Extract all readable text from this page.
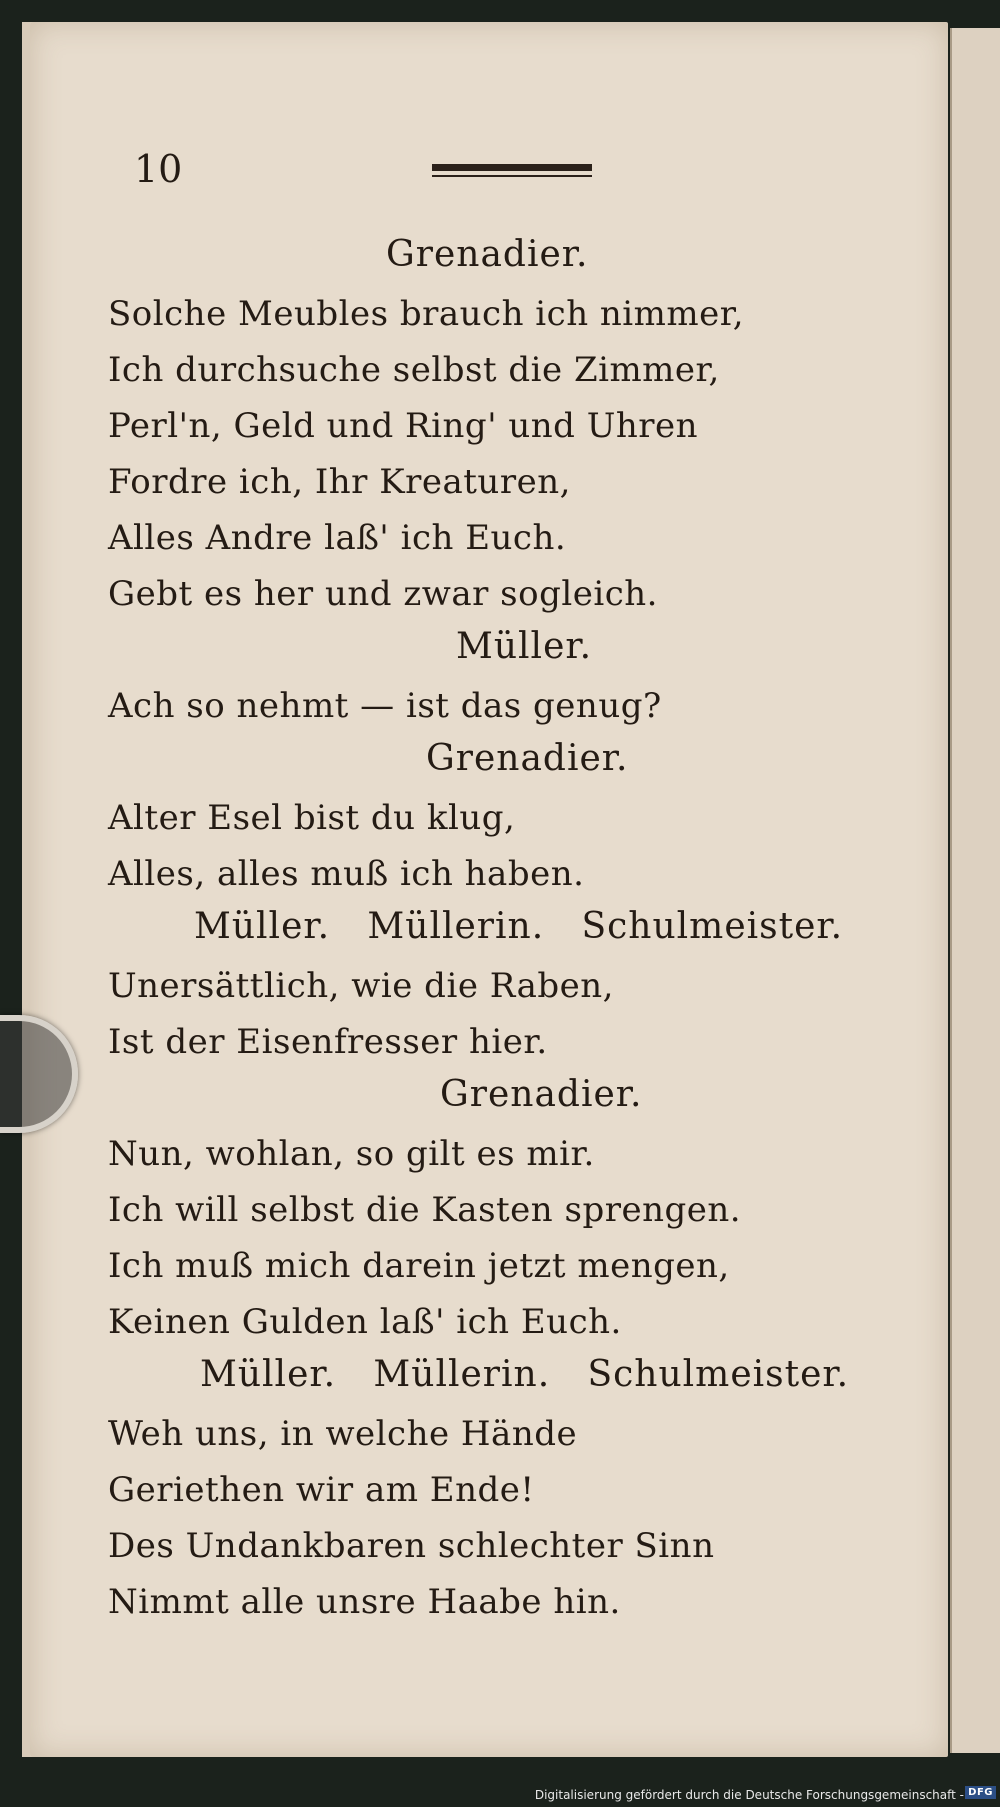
10
Grenadier.
Solche Meubles brauch ich nimmer,
Ich durchsuche selbst die Zimmer,
Perl'n, Geld und Ring' und Uhren
Fordre ich, Ihr Kreaturen,
Alles Andre laß' ich Euch.
Gebt es her und zwar sogleich.
Müller.
Ach so nehmt — ist das genug?
Grenadier.
Alter Esel bist du klug,
Alles, alles muß ich haben.
Müller.   Müllerin.   Schulmeister.
Unersättlich, wie die Raben,
Ist der Eisenfresser hier.
Grenadier.
Nun, wohlan, so gilt es mir.
Ich will selbst die Kasten sprengen.
Ich muß mich darein jetzt mengen,
Keinen Gulden laß' ich Euch.
Müller.   Müllerin.   Schulmeister.
Weh uns, in welche Hände
Geriethen wir am Ende!
Des Undankbaren schlechter Sinn
Nimmt alle unsre Haabe hin.
Digitalisierung gefördert durch die Deutsche Forschungsgemeinschaft - DFG
